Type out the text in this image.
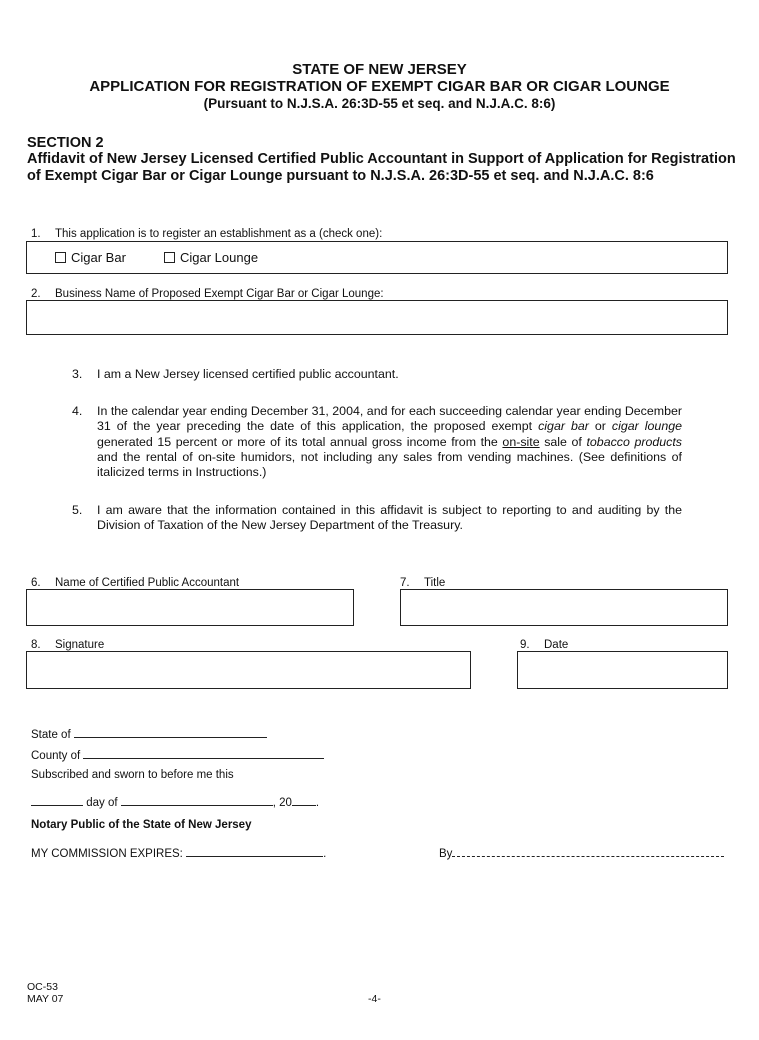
STATE OF NEW JERSEY
APPLICATION FOR REGISTRATION OF EXEMPT CIGAR BAR OR CIGAR LOUNGE
(Pursuant to N.J.S.A. 26:3D-55 et seq. and N.J.A.C. 8:6)
SECTION 2
Affidavit of New Jersey Licensed Certified Public Accountant in Support of Application for Registration of Exempt Cigar Bar or Cigar Lounge pursuant to N.J.S.A. 26:3D-55 et seq. and N.J.A.C. 8:6
1. This application is to register an establishment as a (check one):
Cigar Bar	Cigar Lounge
2. Business Name of Proposed Exempt Cigar Bar or Cigar Lounge:
3. I am a New Jersey licensed certified public accountant.
4. In the calendar year ending December 31, 2004, and for each succeeding calendar year ending December 31 of the year preceding the date of this application, the proposed exempt cigar bar or cigar lounge generated 15 percent or more of its total annual gross income from the on-site sale of tobacco products and the rental of on-site humidors, not including any sales from vending machines. (See definitions of italicized terms in Instructions.)
5. I am aware that the information contained in this affidavit is subject to reporting to and auditing by the Division of Taxation of the New Jersey Department of the Treasury.
6. Name of Certified Public Accountant	7. Title
8. Signature	9. Date
State of
County of
Subscribed and sworn to before me this
day of	, 20 .
Notary Public of the State of New Jersey
MY COMMISSION EXPIRES:	.	By
OC-53
MAY 07	-4-
